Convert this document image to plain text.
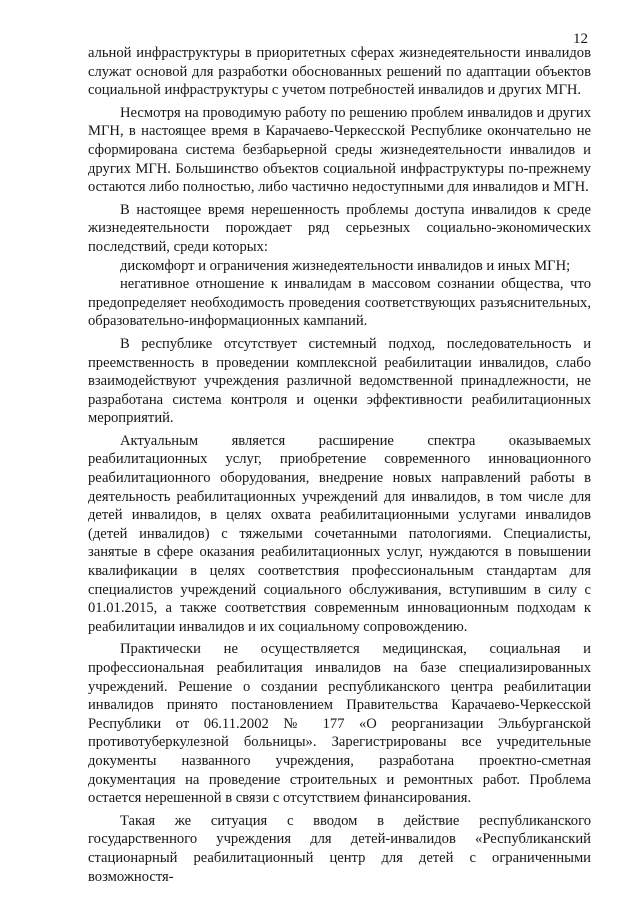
12

альной инфраструктуры в приоритетных сферах жизнедеятельности инвалидов служат основой для разработки обоснованных решений по адаптации объектов социальной инфраструктуры с учетом потребностей инвалидов и других МГН.

Несмотря на проводимую работу по решению проблем инвалидов и других МГН, в настоящее время в Карачаево-Черкесской Республике окончательно не сформирована система безбарьерной среды жизнедеятельности инвалидов и других МГН. Большинство объектов социальной инфраструктуры по-прежнему остаются либо полностью, либо частично недоступными для инвалидов и МГН.

В настоящее время нерешенность проблемы доступа инвалидов к среде жизнедеятельности порождает ряд серьезных социально-экономических последствий, среди которых:

дискомфорт и ограничения жизнедеятельности инвалидов и иных МГН;

негативное отношение к инвалидам в массовом сознании общества, что предопределяет необходимость проведения соответствующих разъяснительных, образовательно-информационных кампаний.

В республике отсутствует системный подход, последовательность и преемственность в проведении комплексной реабилитации инвалидов, слабо взаимодействуют учреждения различной ведомственной принадлежности, не разработана система контроля и оценки эффективности реабилитационных мероприятий.

Актуальным является расширение спектра оказываемых реабилитационных услуг, приобретение современного инновационного реабилитационного оборудования, внедрение новых направлений работы в деятельность реабилитационных учреждений для инвалидов, в том числе для детей инвалидов, в целях охвата реабилитационными услугами инвалидов (детей инвалидов) с тяжелыми сочетанными патологиями. Специалисты, занятые в сфере оказания реабилитационных услуг, нуждаются в повышении квалификации в целях соответствия профессиональным стандартам для специалистов учреждений социального обслуживания, вступившим в силу с 01.01.2015, а также соответствия современным инновационным подходам к реабилитации инвалидов и их социальному сопровождению.

Практически не осуществляется медицинская, социальная и профессиональная реабилитация инвалидов на базе специализированных учреждений. Решение о создании республиканского центра реабилитации инвалидов принято постановлением Правительства Карачаево-Черкесской Республики от 06.11.2002 № 177 «О реорганизации Эльбурганской противотуберкулезной больницы». Зарегистрированы все учредительные документы названного учреждения, разработана проектно-сметная документация на проведение строительных и ремонтных работ. Проблема остается нерешенной в связи с отсутствием финансирования.

Такая же ситуация с вводом в действие республиканского государственного учреждения для детей-инвалидов «Республиканский стационарный реабилитационный центр для детей с ограниченными возможностя-
